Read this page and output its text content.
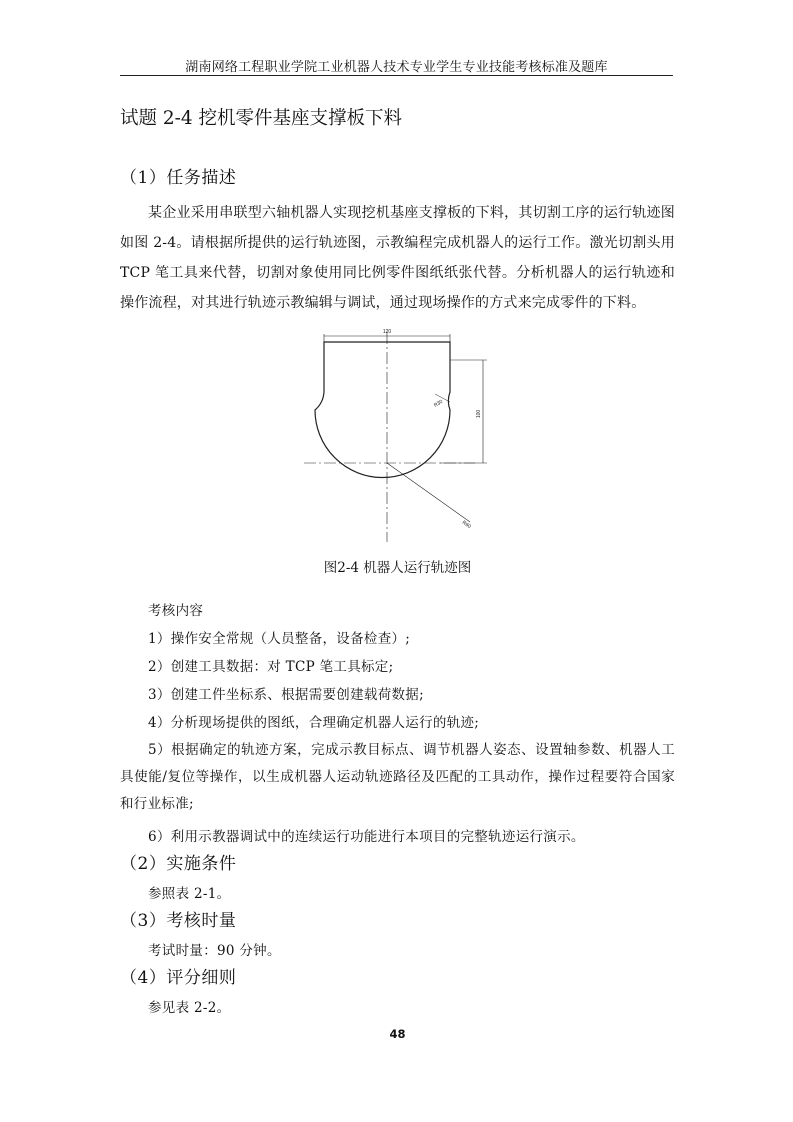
湖南网络工程职业学院工业机器人技术专业学生专业技能考核标准及题库
试题 2-4 挖机零件基座支撑板下料
（1）任务描述
某企业采用串联型六轴机器人实现挖机基座支撑板的下料，其切割工序的运行轨迹图如图 2-4。请根据所提供的运行轨迹图，示教编程完成机器人的运行工作。激光切割头用 TCP 笔工具来代替，切割对象使用同比例零件图纸纸张代替。分析机器人的运行轨迹和操作流程，对其进行轨迹示教编辑与调试，通过现场操作的方式来完成零件的下料。
120
R30
100
R60
图2-4 机器人运行轨迹图
考核内容
1）操作安全常规（人员整备，设备检查）;
2）创建工具数据：对 TCP 笔工具标定;
3）创建工件坐标系、根据需要创建载荷数据;
4）分析现场提供的图纸，合理确定机器人运行的轨迹;
5）根据确定的轨迹方案，完成示教目标点、调节机器人姿态、设置轴参数、机器人工具使能/复位等操作，以生成机器人运动轨迹路径及匹配的工具动作，操作过程要符合国家和行业标准;
6）利用示教器调试中的连续运行功能进行本项目的完整轨迹运行演示。
（2）实施条件
参照表 2-1。
（3）考核时量
考试时量：90 分钟。
（4）评分细则
参见表 2-2。
48
